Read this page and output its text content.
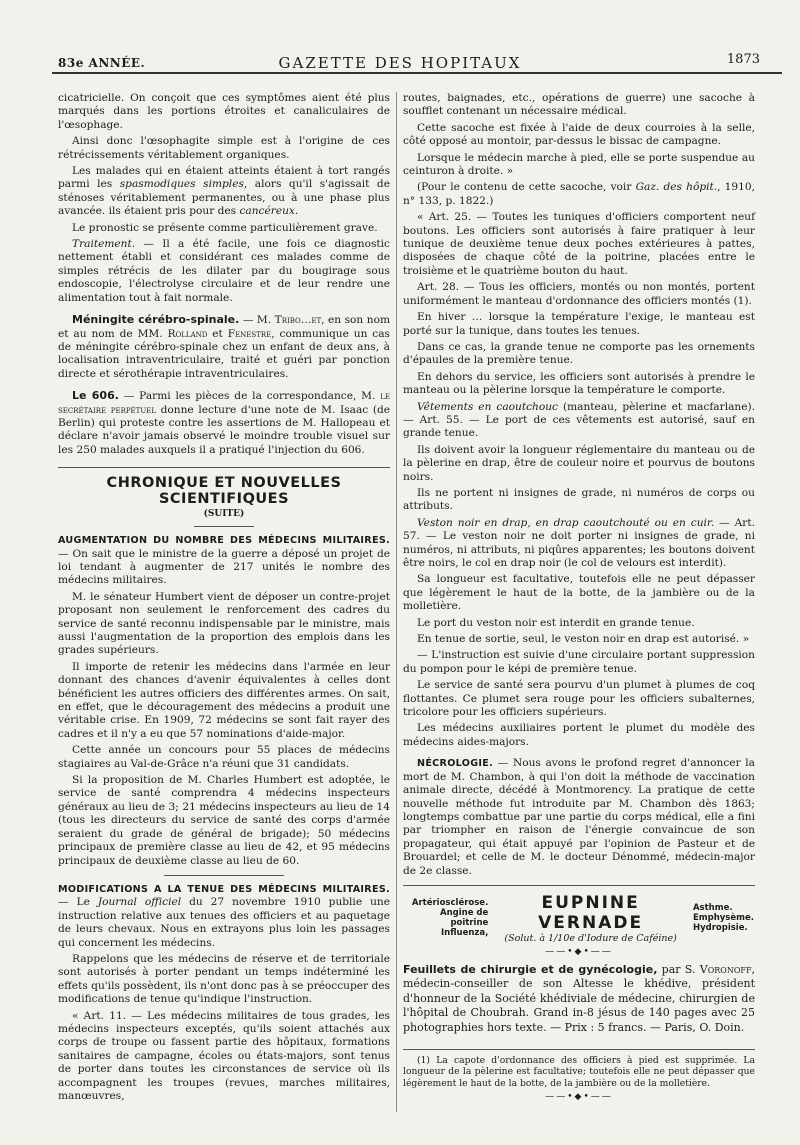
83e ANNÉE.	GAZETTE DES HOPITAUX	1873

cicatricielle. On conçoit que ces symptômes aient été plus marqués dans les portions étroites et canaliculaires de l'œsophage.

Ainsi donc l'œsophagite simple est à l'origine de ces rétrécissements véritablement organiques.

Les malades qui en étaient atteints étaient à tort rangés parmi les spasmodiques simples, alors qu'il s'agissait de sténoses véritablement permanentes, ou à une phase plus avancée. ils étaient pris pour des cancéreux.

Le pronostic se présente comme particulièrement grave.

Traitement. — Il a été facile, une fois ce diagnostic nettement établi et considérant ces malades comme de simples rétrécis de les dilater par du bougirage sous endoscopie, l'électrolyse circulaire et de leur rendre une alimentation tout à fait normale.

Méningite cérébro-spinale. — M. Tribo…et, en son nom et au nom de MM. Rolland et Fenestre, communique un cas de méningite cérébro-spinale chez un enfant de deux ans, à localisation intraventriculaire, traité et guéri par ponction directe et sérothérapie intraventriculaires.

Le 606. — Parmi les pièces de la correspondance, M. le secrétaire perpétuel donne lecture d'une note de M. Isaac (de Berlin) qui proteste contre les assertions de M. Hallopeau et déclare n'avoir jamais observé le moindre trouble visuel sur les 250 malades auxquels il a pratiqué l'injection du 606.

CHRONIQUE ET NOUVELLES SCIENTIFIQUES
(SUITE)

AUGMENTATION DU NOMBRE DES MÉDECINS MILITAIRES. — On sait que le ministre de la guerre a déposé un projet de loi tendant à augmenter de 217 unités le nombre des médecins militaires.

M. le sénateur Humbert vient de déposer un contre-projet proposant non seulement le renforcement des cadres du service de santé reconnu indispensable par le ministre, mais aussi l'augmentation de la proportion des emplois dans les grades supérieurs.

Il importe de retenir les médecins dans l'armée en leur donnant des chances d'avenir équivalentes à celles dont bénéficient les autres officiers des différentes armes. On sait, en effet, que le découragement des médecins a produit une véritable crise. En 1909, 72 médecins se sont fait rayer des cadres et il n'y a eu que 57 nominations d'aide-major.

Cette année un concours pour 55 places de médecins stagiaires au Val-de-Grâce n'a réuni que 31 candidats.

Si la proposition de M. Charles Humbert est adoptée, le service de santé comprendra 4 médecins inspecteurs généraux au lieu de 3; 21 médecins inspecteurs au lieu de 14 (tous les directeurs du service de santé des corps d'armée seraient du grade de général de brigade); 50 médecins principaux de première classe au lieu de 42, et 95 médecins principaux de deuxième classe au lieu de 60.

MODIFICATIONS A LA TENUE DES MÉDECINS MILITAIRES. — Le Journal officiel du 27 novembre 1910 publie une instruction relative aux tenues des officiers et au paquetage de leurs chevaux. Nous en extrayons plus loin les passages qui concernent les médecins.

Rappelons que les médecins de réserve et de territoriale sont autorisés à porter pendant un temps indéterminé les effets qu'ils possèdent, ils n'ont donc pas à se préoccuper des modifications de tenue qu'indique l'instruction.

« Art. 11. — Les médecins militaires de tous grades, les médecins inspecteurs exceptés, qu'ils soient attachés aux corps de troupe ou fassent partie des hôpitaux, formations sanitaires de campagne, écoles ou états-majors, sont tenus de porter dans toutes les circonstances de service où ils accompagnent les troupes (revues, marches militaires, manœuvres,

routes, baignades, etc., opérations de guerre) une sacoche à soufflet contenant un nécessaire médical.

Cette sacoche est fixée à l'aide de deux courroies à la selle, côté opposé au montoir, par-dessus le bissac de campagne.

Lorsque le médecin marche à pied, elle se porte suspendue au ceinturon à droite. »

(Pour le contenu de cette sacoche, voir Gaz. des hôpit., 1910, n° 133, p. 1822.)

« Art. 25. — Toutes les tuniques d'officiers comportent neuf boutons. Les officiers sont autorisés à faire pratiquer à leur tunique de deuxième tenue deux poches extérieures à pattes, disposées de chaque côté de la poitrine, placées entre le troisième et le quatrième bouton du haut.

Art. 28. — Tous les officiers, montés ou non montés, portent uniformément le manteau d'ordonnance des officiers montés (1).

En hiver … lorsque la température l'exige, le manteau est porté sur la tunique, dans toutes les tenues.

Dans ce cas, la grande tenue ne comporte pas les ornements d'épaules de la première tenue.

En dehors du service, les officiers sont autorisés à prendre le manteau ou la pèlerine lorsque la température le comporte.

Vêtements en caoutchouc (manteau, pèlerine et macfarlane). — Art. 55. — Le port de ces vêtements est autorisé, sauf en grande tenue.

Ils doivent avoir la longueur réglementaire du manteau ou de la pèlerine en drap, être de couleur noire et pourvus de boutons noirs.

Ils ne portent ni insignes de grade, ni numéros de corps ou attributs.

Veston noir en drap, en drap caoutchouté ou en cuir. — Art. 57. — Le veston noir ne doit porter ni insignes de grade, ni numéros, ni attributs, ni piqûres apparentes; les boutons doivent être noirs, le col en drap noir (le col de velours est interdit).

Sa longueur est facultative, toutefois elle ne peut dépasser que légèrement le haut de la botte, de la jambière ou de la molletière.

Le port du veston noir est interdit en grande tenue.

En tenue de sortie, seul, le veston noir en drap est autorisé. »

— L'instruction est suivie d'une circulaire portant suppression du pompon pour le képi de première tenue.

Le service de santé sera pourvu d'un plumet à plumes de coq flottantes. Ce plumet sera rouge pour les officiers subalternes, tricolore pour les officiers supérieurs.

Les médecins auxiliaires portent le plumet du modèle des médecins aides-majors.

NÉCROLOGIE. — Nous avons le profond regret d'annoncer la mort de M. Chambon, à qui l'on doit la méthode de vaccination animale directe, décédé à Montmorency. La pratique de cette nouvelle méthode fut introduite par M. Chambon dès 1863; longtemps combattue par une partie du corps médical, elle a fini par triompher en raison de l'énergie convaincue de son propagateur, qui était appuyé par l'opinion de Pasteur et de Brouardel; et celle de M. le docteur Dénommé, médecin-major de 2e classe.

Artériosclérose.
Angine de poitrine
Influenza,
EUPNINE VERNADE
(Solut. à 1/10e d'Iodure de Caféine)
Asthme.
Emphysème.
Hydropisie.
——•◆•——

Feuillets de chirurgie et de gynécologie, par S. Voronoff, médecin-conseiller de son Altesse le khédive, président d'honneur de la Société khédiviale de médecine, chirurgien de l'hôpital de Choubrah. Grand in-8 jésus de 140 pages avec 25 photographies hors texte. — Prix : 5 francs. — Paris, O. Doin.

(1) La capote d'ordonnance des officiers à pied est supprimée. La longueur de la pèlerine est facultative; toutefois elle ne peut dépasser que légèrement le haut de la botte, de la jambière ou de la molletière.

——•◆•——
